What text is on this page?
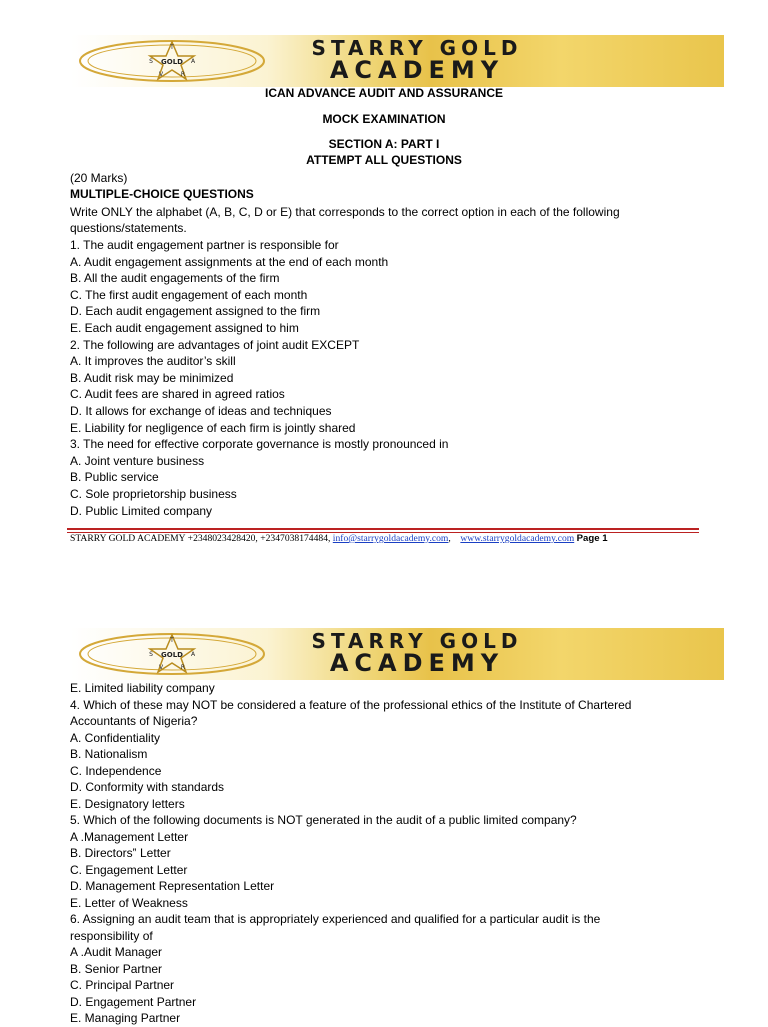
T
S GOLD A
V	R
STARRY GOLD
ACADEMY
ICAN ADVANCE AUDIT AND ASSURANCE
MOCK EXAMINATION
SECTION A: PART I
ATTEMPT ALL QUESTIONS
(20 Marks)
MULTIPLE-CHOICE QUESTIONS
Write ONLY the alphabet (A, B, C, D or E) that corresponds to the correct option in each of the following
questions/statements.
1. The audit engagement partner is responsible for
A. Audit engagement assignments at the end of each month
B. All the audit engagements of the firm
C. The first audit engagement of each month
D. Each audit engagement assigned to the firm
E. Each audit engagement assigned to him
2. The following are advantages of joint audit EXCEPT
A. It improves the auditor’s skill
B. Audit risk may be minimized
C. Audit fees are shared in agreed ratios
D. It allows for exchange of ideas and techniques
E. Liability for negligence of each firm is jointly shared
3. The need for effective corporate governance is mostly pronounced in
A. Joint venture business
B. Public service
C. Sole proprietorship business
D. Public Limited company
STARRY GOLD ACADEMY +2348023428420, +2347038174484, info@starrygoldacademy.com, www.starrygoldacademy.com Page 1
T
S GOLD A
V	R
STARRY GOLD
ACADEMY
E. Limited liability company
4. Which of these may NOT be considered a feature of the professional ethics of the Institute of Chartered
Accountants of Nigeria?
A. Confidentiality
B. Nationalism
C. Independence
D. Conformity with standards
E. Designatory letters
5. Which of the following documents is NOT generated in the audit of a public limited company?
A .Management Letter
B. Directors‟ Letter
C. Engagement Letter
D. Management Representation Letter
E. Letter of Weakness
6. Assigning an audit team that is appropriately experienced and qualified for a particular audit is the
responsibility of
A .Audit Manager
B. Senior Partner
C. Principal Partner
D. Engagement Partner
E. Managing Partner
